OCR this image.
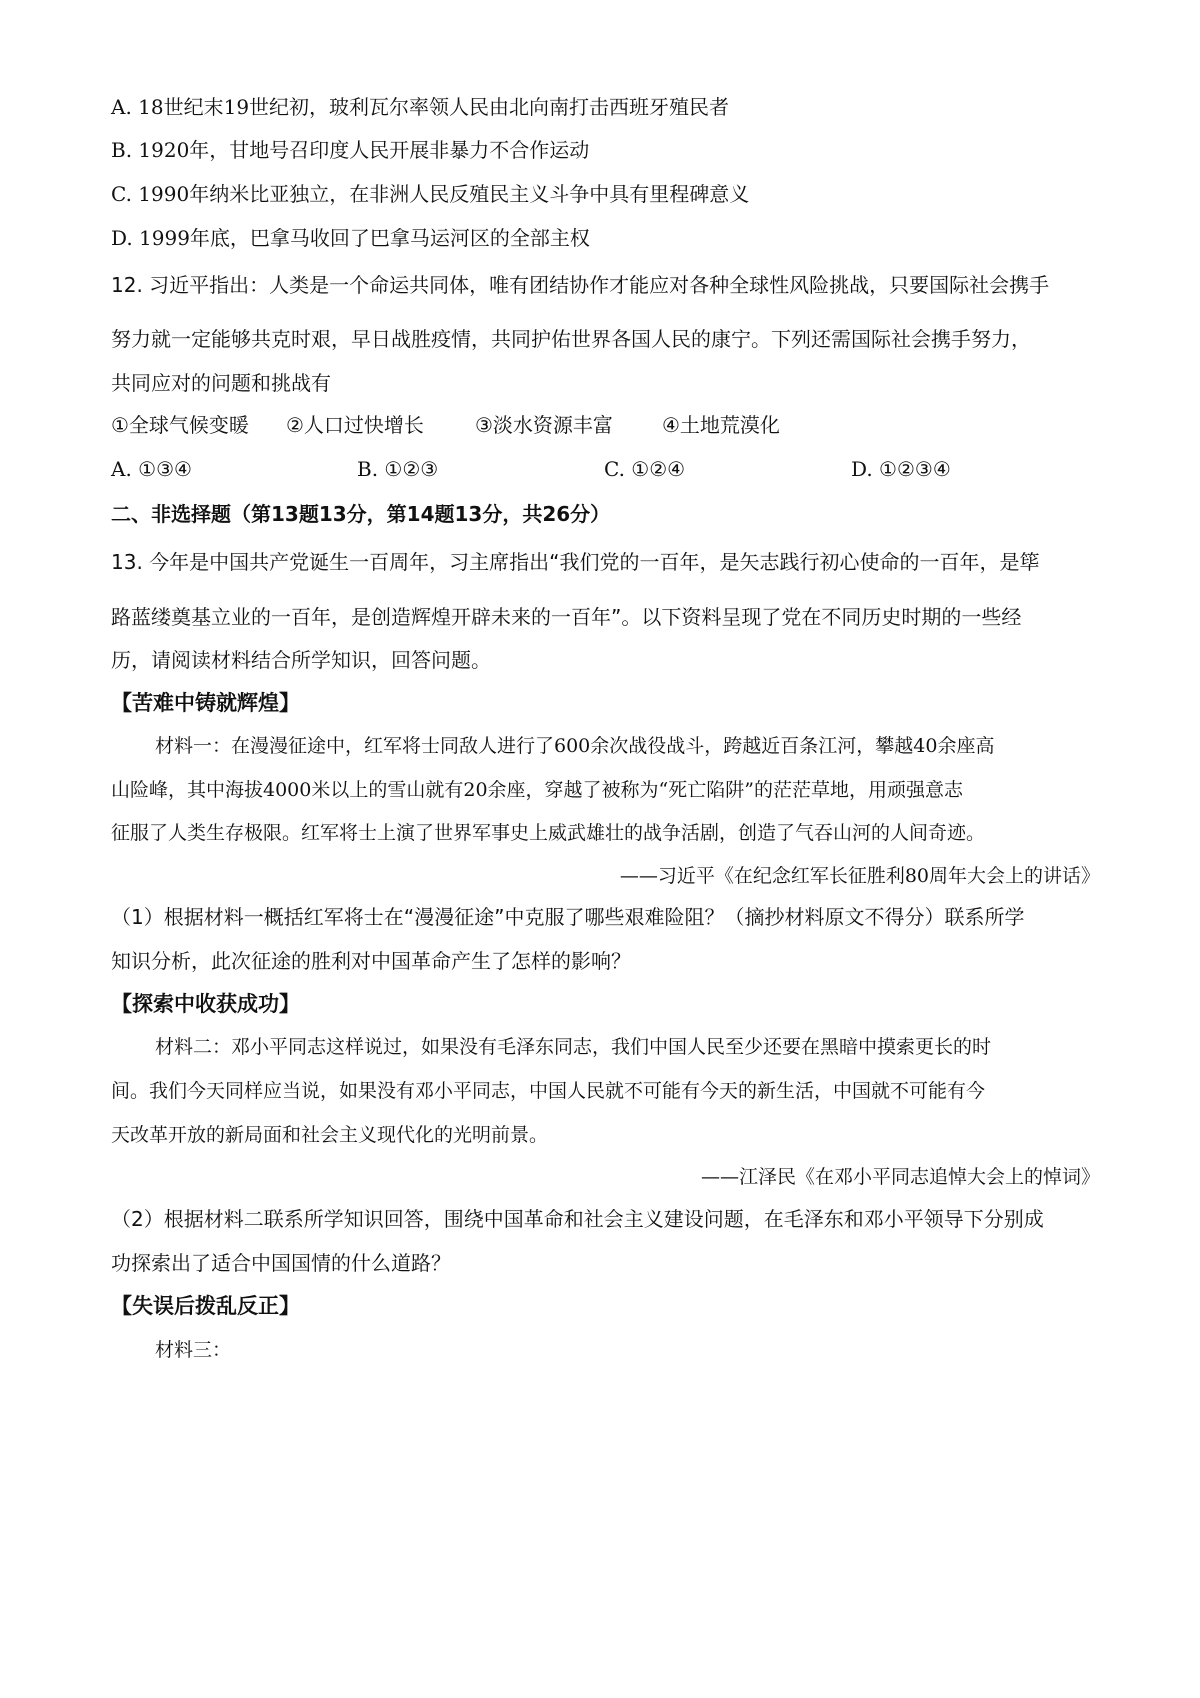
A. 18世纪末19世纪初，玻利瓦尔率领人民由北向南打击西班牙殖民者
B. 1920年，甘地号召印度人民开展非暴力不合作运动
C. 1990年纳米比亚独立，在非洲人民反殖民主义斗争中具有里程碑意义
D. 1999年底，巴拿马收回了巴拿马运河区的全部主权
12. 习近平指出：人类是一个命运共同体，唯有团结协作才能应对各种全球性风险挑战，只要国际社会携手
努力就一定能够共克时艰，早日战胜疫情，共同护佑世界各国人民的康宁。下列还需国际社会携手努力，
共同应对的问题和挑战有
①全球气候变暖 ②人口过快增长	③淡水资源丰富 ④土地荒漠化
A. ①③④	B. ①②③	C. ①②④	D. ①②③④
二、非选择题（第13题13分，第14题13分，共26分）
13. 今年是中国共产党诞生一百周年，习主席指出“我们党的一百年，是矢志践行初心使命的一百年，是筚
路蓝缕奠基立业的一百年，是创造辉煌开辟未来的一百年”。以下资料呈现了党在不同历史时期的一些经
历，请阅读材料结合所学知识，回答问题。
【苦难中铸就辉煌】
材料一：在漫漫征途中，红军将士同敌人进行了600余次战役战斗，跨越近百条江河，攀越40余座高
山险峰，其中海拔4000米以上的雪山就有20余座，穿越了被称为“死亡陷阱”的茫茫草地，用顽强意志
征服了人类生存极限。红军将士上演了世界军事史上威武雄壮的战争活剧，创造了气吞山河的人间奇迹。
——习近平《在纪念红军长征胜利80周年大会上的讲话》
（1）根据材料一概括红军将士在“漫漫征途”中克服了哪些艰难险阻？（摘抄材料原文不得分）联系所学
知识分析，此次征途的胜利对中国革命产生了怎样的影响？
【探索中收获成功】
材料二：邓小平同志这样说过，如果没有毛泽东同志，我们中国人民至少还要在黑暗中摸索更长的时
间。我们今天同样应当说，如果没有邓小平同志，中国人民就不可能有今天的新生活，中国就不可能有今
天改革开放的新局面和社会主义现代化的光明前景。
——江泽民《在邓小平同志追悼大会上的悼词》
（2）根据材料二联系所学知识回答，围绕中国革命和社会主义建设问题，在毛泽东和邓小平领导下分别成
功探索出了适合中国国情的什么道路？
【失误后拨乱反正】
材料三：
